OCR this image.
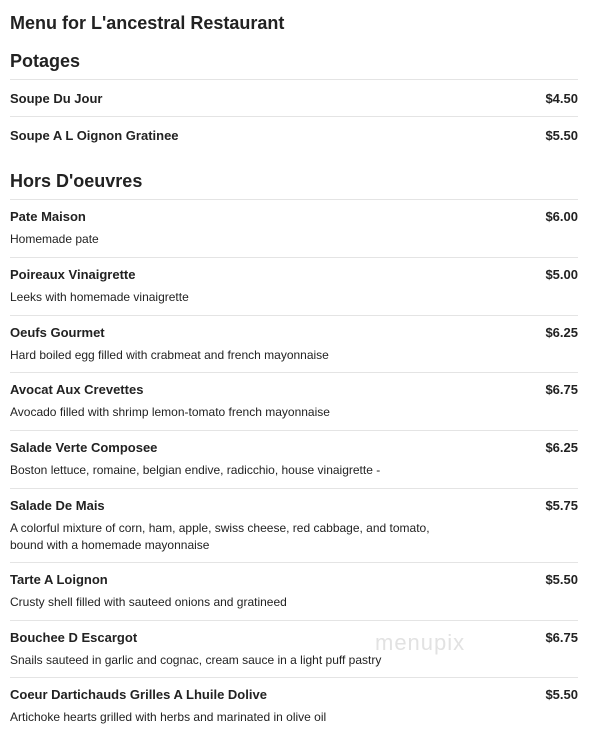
Menu for L'ancestral Restaurant
Potages
Soupe Du Jour	$4.50
Soupe A L Oignon Gratinee	$5.50
Hors D'oeuvres
Pate Maison	$6.00
Homemade pate
Poireaux Vinaigrette	$5.00
Leeks with homemade vinaigrette
Oeufs Gourmet	$6.25
Hard boiled egg filled with crabmeat and french mayonnaise
Avocat Aux Crevettes	$6.75
Avocado filled with shrimp lemon-tomato french mayonnaise
Salade Verte Composee	$6.25
Boston lettuce, romaine, belgian endive, radicchio, house vinaigrette -
Salade De Mais	$5.75
A colorful mixture of corn, ham, apple, swiss cheese, red cabbage, and tomato, bound with a homemade mayonnaise
Tarte A Loignon	$5.50
Crusty shell filled with sauteed onions and gratineed
Bouchee D Escargot	$6.75
Snails sauteed in garlic and cognac, cream sauce in a light puff pastry
Coeur Dartichauds Grilles A Lhuile Dolive	$5.50
Artichoke hearts grilled with herbs and marinated in olive oil
menupix
